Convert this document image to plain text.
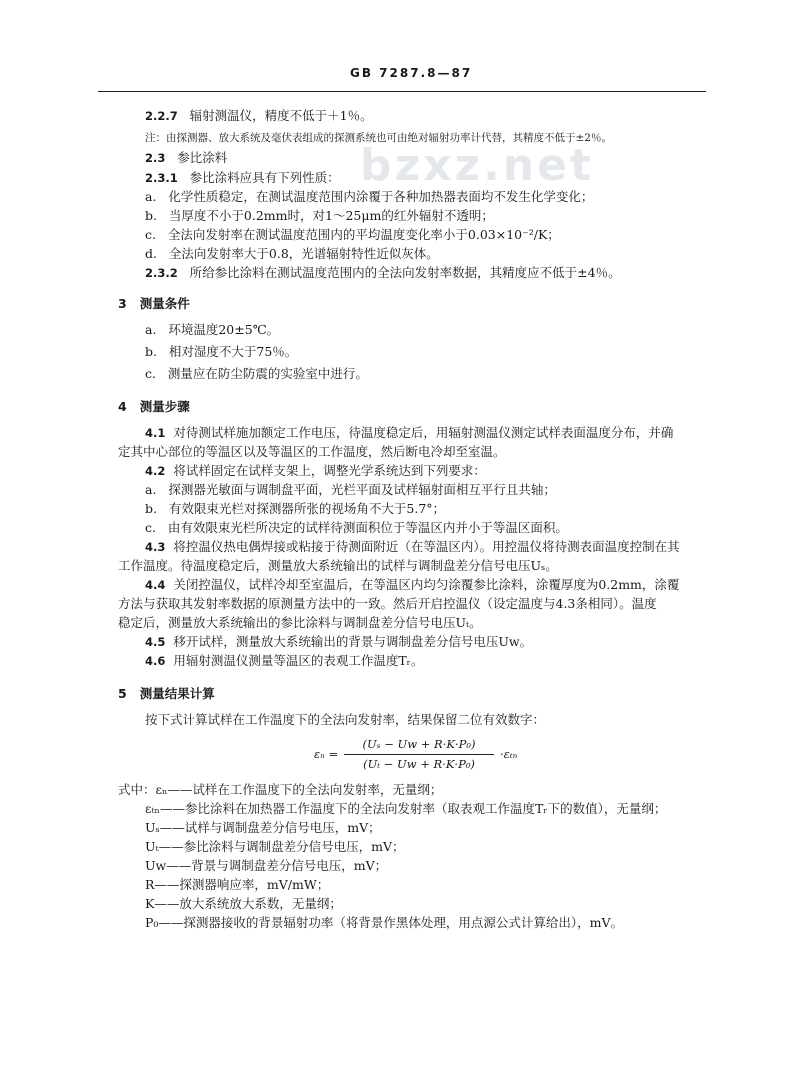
bzxz.net
GB 7287.8—87
2.2.7 辐射测温仪，精度不低于＋1％。
注：由探测器、放大系统及毫伏表组成的探测系统也可由绝对辐射功率计代替，其精度不低于±2％。
2.3 参比涂料
2.3.1 参比涂料应具有下列性质：
a. 化学性质稳定，在测试温度范围内涂覆于各种加热器表面均不发生化学变化；
b. 当厚度不小于0.2mm时，对1～25μm的红外辐射不透明；
c. 全法向发射率在测试温度范围内的平均温度变化率小于0.03×10⁻²/K；
d. 全法向发射率大于0.8，光谱辐射特性近似灰体。
2.3.2 所给参比涂料在测试温度范围内的全法向发射率数据，其精度应不低于±4％。
3 测量条件
a. 环境温度20±5℃。
b. 相对湿度不大于75％。
c. 测量应在防尘防震的实验室中进行。
4 测量步骤
4.1 对待测试样施加额定工作电压，待温度稳定后，用辐射测温仪测定试样表面温度分布，并确
定其中心部位的等温区以及等温区的工作温度，然后断电冷却至室温。
4.2 将试样固定在试样支架上，调整光学系统达到下列要求：
a. 探测器光敏面与调制盘平面，光栏平面及试样辐射面相互平行且共轴；
b. 有效限束光栏对探测器所张的视场角不大于5.7°；
c. 由有效限束光栏所决定的试样待测面积位于等温区内并小于等温区面积。
4.3 将控温仪热电偶焊接或粘接于待测面附近（在等温区内）。用控温仪将待测表面温度控制在其
工作温度。待温度稳定后，测量放大系统输出的试样与调制盘差分信号电压Uₛ。
4.4 关闭控温仪，试样冷却至室温后，在等温区内均匀涂覆参比涂料，涂覆厚度为0.2mm，涂覆
方法与获取其发射率数据的原测量方法中的一致。然后开启控温仪（设定温度与4.3条相同）。温度
稳定后，测量放大系统输出的参比涂料与调制盘差分信号电压Uₜ。
4.5 移开试样，测量放大系统输出的背景与调制盘差分信号电压Uw。
4.6 用辐射测温仪测量等温区的表观工作温度Tᵣ。
5 测量结果计算
按下式计算试样在工作温度下的全法向发射率，结果保留二位有效数字：
εₙ =
(Uₛ − Uw + R·K·P₀)
(Uₜ − Uw + R·K·P₀)
·εₜₙ
式中：εₙ——试样在工作温度下的全法向发射率，无量纲；
εₜₙ——参比涂料在加热器工作温度下的全法向发射率（取表观工作温度Tᵣ下的数值），无量纲；
Uₛ——试样与调制盘差分信号电压，mV；
Uₜ——参比涂料与调制盘差分信号电压，mV；
Uw——背景与调制盘差分信号电压，mV；
R——探测器响应率，mV/mW；
K——放大系统放大系数，无量纲；
P₀——探测器接收的背景辐射功率（将背景作黑体处理，用点源公式计算给出），mV。
